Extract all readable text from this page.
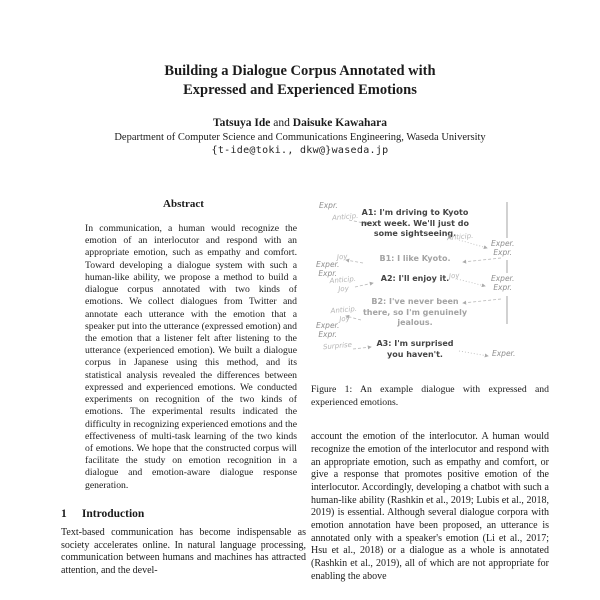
Building a Dialogue Corpus Annotated with Expressed and Experienced Emotions
Tatsuya Ide and Daisuke Kawahara
Department of Computer Science and Communications Engineering, Waseda University
{t-ide@toki., dkw@}waseda.jp
Abstract
In communication, a human would recognize the emotion of an interlocutor and respond with an appropriate emotion, such as empathy and comfort. Toward developing a dialogue system with such a human-like ability, we propose a method to build a dialogue corpus annotated with two kinds of emotions. We collect dialogues from Twitter and annotate each utterance with the emotion that a speaker put into the utterance (expressed emotion) and the emotion that a listener felt after listening to the utterance (experienced emotion). We built a dialogue corpus in Japanese using this method, and its statistical analysis revealed the differences between expressed and experienced emotions. We conducted experiments on recognition of the two kinds of emotions. The experimental results indicated the difficulty in recognizing experienced emotions and the effectiveness of multi-task learning of the two kinds of emotions. We hope that the constructed corpus will facilitate the study on emotion recognition in a dialogue and emotion-aware dialogue response generation.
1 Introduction
Text-based communication has become indispensable as society accelerates online. In natural language processing, communication between humans and machines has attracted attention, and the devel-
A1: I'm driving to Kyoto next week. We'll just do some sightseeing.
B1: I like Kyoto.
A2: I'll enjoy it.
B2: I've never been there, so I'm genuinely jealous.
A3: I'm surprised you haven't.
Expr.
Exper.
Expr.
Exper.
Expr.
Exper.
Expr.
Exper.
Expr.
Exper.
Anticip.
Anticip.
Joy
Anticip.
Joy
Joy
Anticip.
Joy
Surprise
Figure 1: An example dialogue with expressed and experienced emotions.
account the emotion of the interlocutor. A human would recognize the emotion of the interlocutor and respond with an appropriate emotion, such as empathy and comfort, or give a response that promotes positive emotion of the interlocutor. Accordingly, developing a chatbot with such a human-like ability (Rashkin et al., 2019; Lubis et al., 2018, 2019) is essential. Although several dialogue corpora with emotion annotation have been proposed, an utterance is annotated only with a speaker's emotion (Li et al., 2017; Hsu et al., 2018) or a dialogue as a whole is annotated (Rashkin et al., 2019), all of which are not appropriate for enabling the above
